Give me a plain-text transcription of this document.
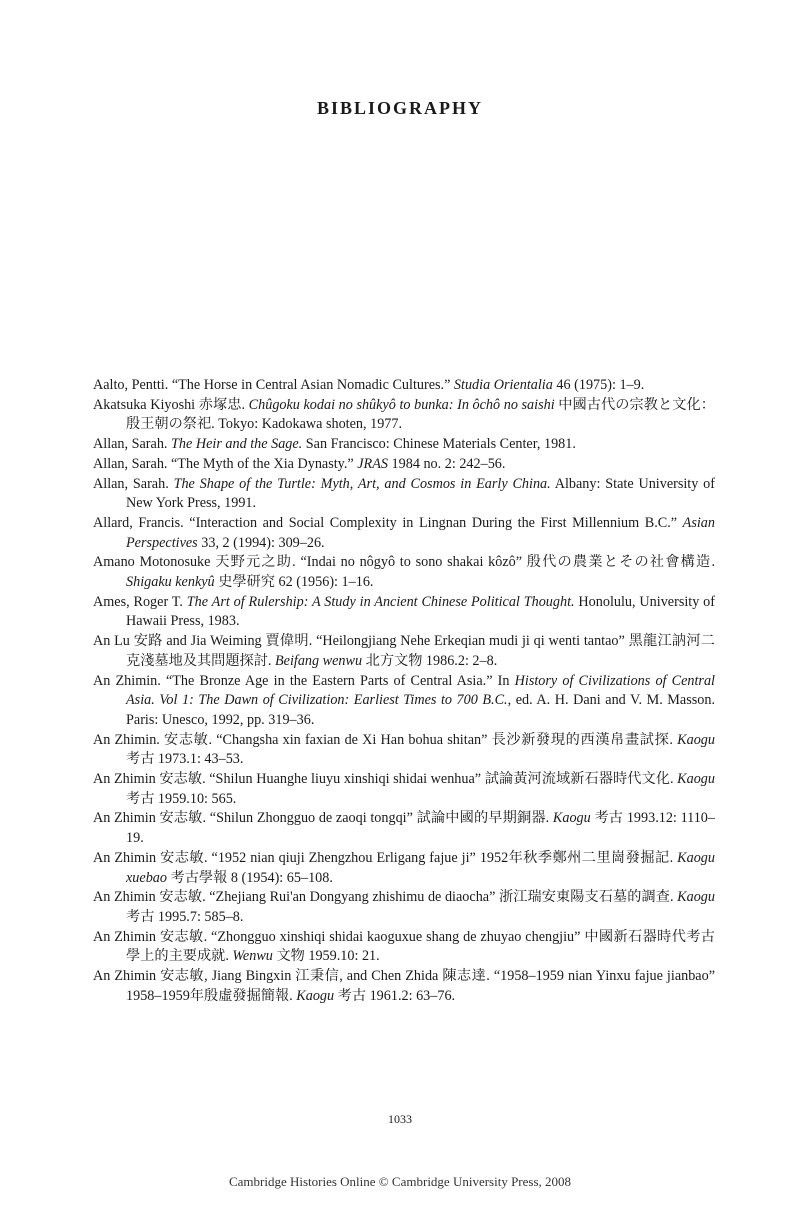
BIBLIOGRAPHY
Aalto, Pentti. “The Horse in Central Asian Nomadic Cultures.” Studia Orientalia 46 (1975): 1–9.
Akatsuka Kiyoshi 赤塚忠. Chûgoku kodai no shûkyô to bunka: In ôchô no saishi 中國古代の宗教と文化：殷王朝の祭祀. Tokyo: Kadokawa shoten, 1977.
Allan, Sarah. The Heir and the Sage. San Francisco: Chinese Materials Center, 1981.
Allan, Sarah. “The Myth of the Xia Dynasty.” JRAS 1984 no. 2: 242–56.
Allan, Sarah. The Shape of the Turtle: Myth, Art, and Cosmos in Early China. Albany: State University of New York Press, 1991.
Allard, Francis. “Interaction and Social Complexity in Lingnan During the First Millennium B.C.” Asian Perspectives 33, 2 (1994): 309–26.
Amano Motonosuke 天野元之助. “Indai no nôgyô to sono shakai kôzô” 殷代の農業とその社會構造. Shigaku kenkyû 史學研究 62 (1956): 1–16.
Ames, Roger T. The Art of Rulership: A Study in Ancient Chinese Political Thought. Honolulu, University of Hawaii Press, 1983.
An Lu 安路 and Jia Weiming 賈偉明. “Heilongjiang Nehe Erkeqian mudi ji qi wenti tantao” 黑龍江訥河二克淺墓地及其問題探討. Beifang wenwu 北方文物 1986.2: 2–8.
An Zhimin. “The Bronze Age in the Eastern Parts of Central Asia.” In History of Civilizations of Central Asia. Vol 1: The Dawn of Civilization: Earliest Times to 700 B.C., ed. A. H. Dani and V. M. Masson. Paris: Unesco, 1992, pp. 319–36.
An Zhimin. 安志敏. “Changsha xin faxian de Xi Han bohua shitan” 長沙新發現的西漢帛畫試探. Kaogu 考古 1973.1: 43–53.
An Zhimin 安志敏. “Shilun Huanghe liuyu xinshiqi shidai wenhua” 試論黃河流域新石器時代文化. Kaogu 考古 1959.10: 565.
An Zhimin 安志敏. “Shilun Zhongguo de zaoqi tongqi” 試論中國的早期銅器. Kaogu 考古 1993.12: 1110–19.
An Zhimin 安志敏. “1952 nian qiuji Zhengzhou Erligang fajue ji” 1952年秋季鄭州二里崗發掘記. Kaogu xuebao 考古學報 8 (1954): 65–108.
An Zhimin 安志敏. “Zhejiang Rui'an Dongyang zhishimu de diaocha” 浙江瑞安東陽支石墓的調查. Kaogu 考古 1995.7: 585–8.
An Zhimin 安志敏. “Zhongguo xinshiqi shidai kaoguxue shang de zhuyao chengjiu” 中國新石器時代考古學上的主要成就. Wenwu 文物 1959.10: 21.
An Zhimin 安志敏, Jiang Bingxin 江秉信, and Chen Zhida 陳志達. “1958–1959 nian Yinxu fajue jianbao” 1958–1959年殷虛發掘簡報. Kaogu 考古 1961.2: 63–76.
1033
Cambridge Histories Online © Cambridge University Press, 2008
